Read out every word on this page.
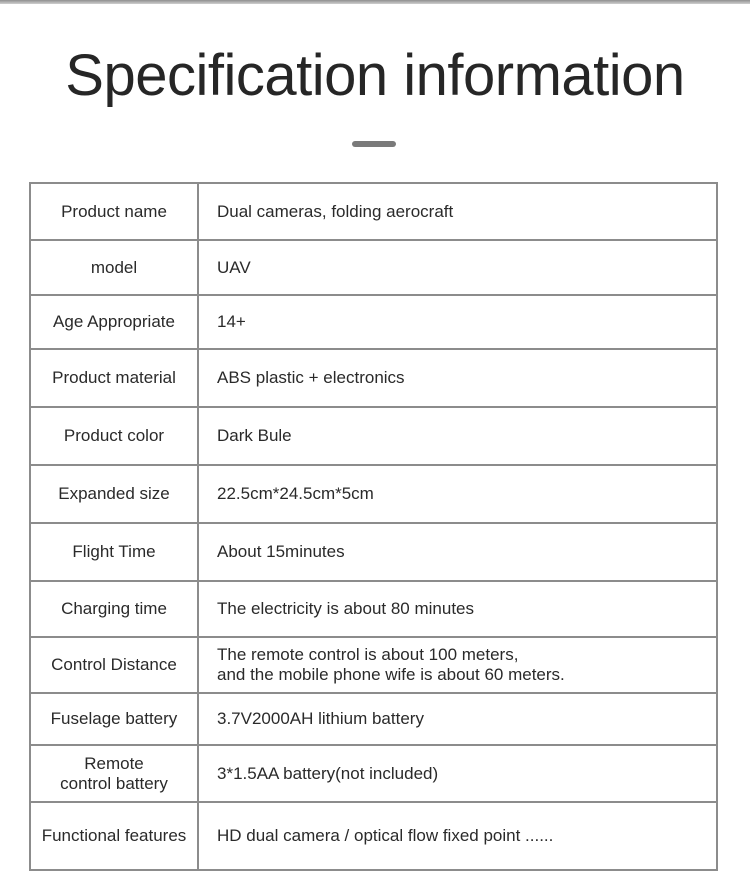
Specification information
Product name	Dual cameras, folding aerocraft
model	UAV
Age Appropriate	14+
Product material	ABS plastic + electronics
Product color	Dark Bule
Expanded size	22.5cm*24.5cm*5cm
Flight Time	About 15minutes
Charging time	The electricity is about 80 minutes
Control Distance	The remote control is about 100 meters,
and the mobile phone wife is about 60 meters.

Fuselage battery	3.7V2000AH lithium battery

Remote
control battery	3*1.5AA battery(not included)
Functional features	HD dual camera / optical flow fixed point ......
